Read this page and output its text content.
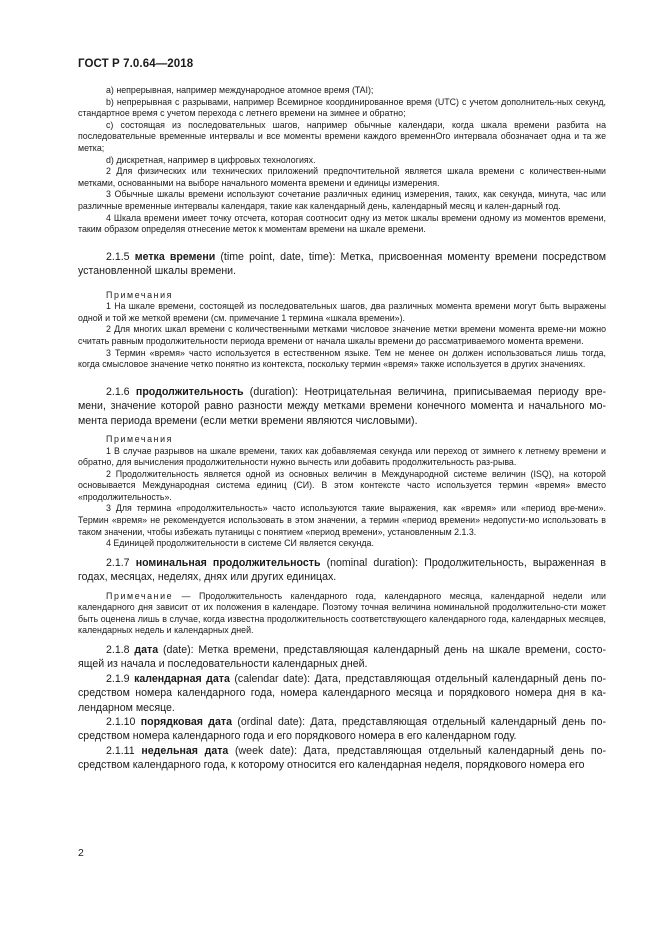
ГОСТ Р 7.0.64—2018

a) непрерывная, например международное атомное время (TAI);

b) непрерывная с разрывами, например Всемирное координированное время (UTC) с учетом дополнитель-ных секунд, стандартное время с учетом перехода с летнего времени на зимнее и обратно;

c) состоящая из последовательных шагов, например обычные календари, когда шкала времени разбита на последовательные временные интервалы и все моменты времени каждого временнОго интервала обозначает одна и та же метка;

d) дискретная, например в цифровых технологиях.

2 Для физических или технических приложений предпочтительной является шкала времени с количествен-ными метками, основанными на выборе начального момента времени и единицы измерения.

3 Обычные шкалы времени используют сочетание различных единиц измерения, таких, как секунда, минута, час или различные временные интервалы календаря, такие как календарный день, календарный месяц и кален-дарный год.

4 Шкала времени имеет точку отсчета, которая соотносит одну из меток шкалы времени одному из моментов времени, таким образом определяя отнесение меток к моментам времени на шкале времени.

2.1.5 метка времени (time point, date, time): Метка, присвоенная моменту времени посредством установленной шкалы времени.

Примечания

1 На шкале времени, состоящей из последовательных шагов, два различных момента времени могут быть выражены одной и той же меткой времени (см. примечание 1 термина «шкала времени»).

2 Для многих шкал времени с количественными метками числовое значение метки времени момента време-ни можно считать равным продолжительности периода времени от начала шкалы времени до рассматриваемого момента времени.

3 Термин «время» часто используется в естественном языке. Тем не менее он должен использоваться лишь тогда, когда смысловое значение четко понятно из контекста, поскольку термин «время» также используется в других значениях.

2.1.6 продолжительность (duration): Неотрицательная величина, приписываемая периоду вре-мени, значение которой равно разности между метками времени конечного момента и начального мо-мента периода времени (если метки времени являются числовыми).

Примечания

1 В случае разрывов на шкале времени, таких как добавляемая секунда или переход от зимнего к летнему времени и обратно, для вычисления продолжительности нужно вычесть или добавить продолжительность раз-рыва.

2 Продолжительность является одной из основных величин в Международной системе величин (ISQ), на которой основывается Международная система единиц (СИ). В этом контексте часто используется термин «время» вместо «продолжительность».

3 Для термина «продолжительность» часто используются такие выражения, как «время» или «период вре-мени». Термин «время» не рекомендуется использовать в этом значении, а термин «период времени» недопусти-мо использовать в таком значении, чтобы избежать путаницы с понятием «период времени», установленным 2.1.3.

4 Единицей продолжительности в системе СИ является секунда.

2.1.7 номинальная продолжительность (nominal duration): Продолжительность, выраженная в годах, месяцах, неделях, днях или других единицах.

Примечание — Продолжительность календарного года, календарного месяца, календарной недели или календарного дня зависит от их положения в календаре. Поэтому точная величина номинальной продолжительно-сти может быть оценена лишь в случае, когда известна продолжительность соответствующего календарного года, календарных месяцев, календарных недель и календарных дней.

2.1.8 дата (date): Метка времени, представляющая календарный день на шкале времени, состо-ящей из начала и последовательности календарных дней.

2.1.9 календарная дата (calendar date): Дата, представляющая отдельный календарный день по-средством номера календарного года, номера календарного месяца и порядкового номера дня в ка-лендарном месяце.

2.1.10 порядковая дата (ordinal date): Дата, представляющая отдельный календарный день по-средством номера календарного года и его порядкового номера в его календарном году.

2.1.11 недельная дата (week date): Дата, представляющая отдельный календарный день по-средством календарного года, к которому относится его календарная неделя, порядкового номера его

2
